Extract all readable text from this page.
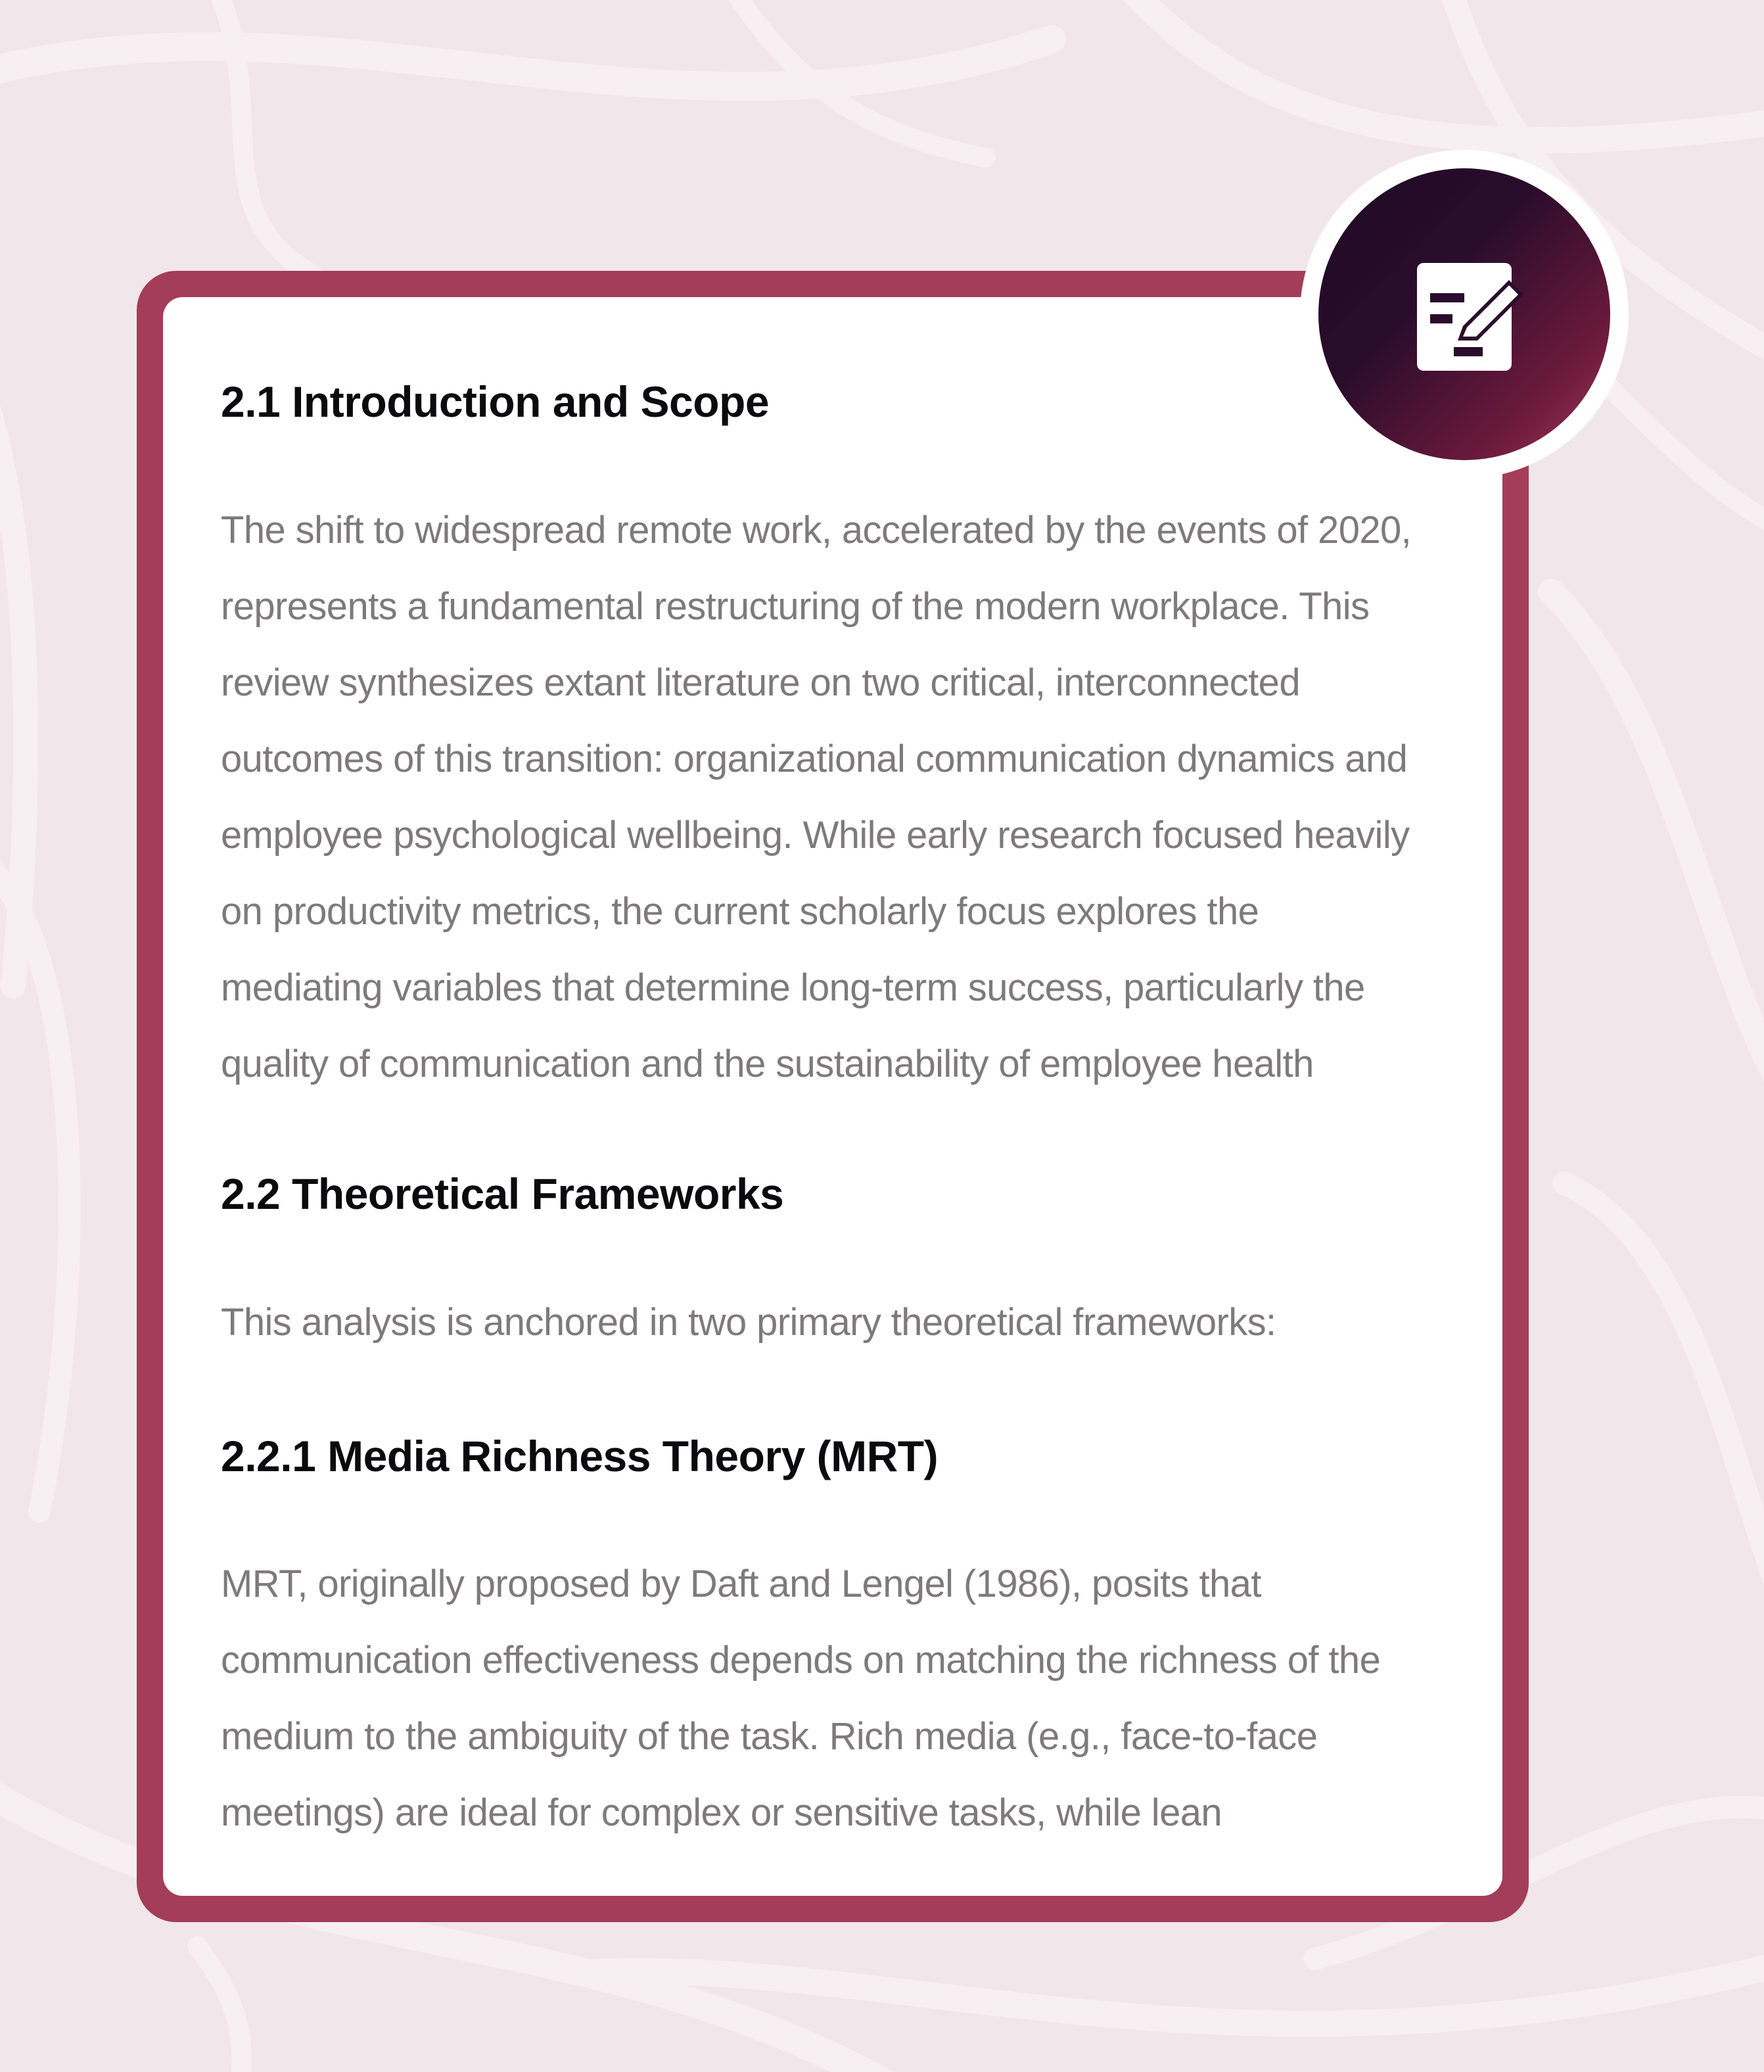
2.1 Introduction and Scope

The shift to widespread remote work, accelerated by the events of 2020, represents a fundamental restructuring of the modern workplace. This review synthesizes extant literature on two critical, interconnected outcomes of this transition: organizational communication dynamics and employee psychological wellbeing. While early research focused heavily on productivity metrics, the current scholarly focus explores the mediating variables that determine long-term success, particularly the quality of communication and the sustainability of employee health

2.2 Theoretical Frameworks

This analysis is anchored in two primary theoretical frameworks:

2.2.1 Media Richness Theory (MRT)

MRT, originally proposed by Daft and Lengel (1986), posits that communication effectiveness depends on matching the richness of the medium to the ambiguity of the task. Rich media (e.g., face-to-face meetings) are ideal for complex or sensitive tasks, while lean
